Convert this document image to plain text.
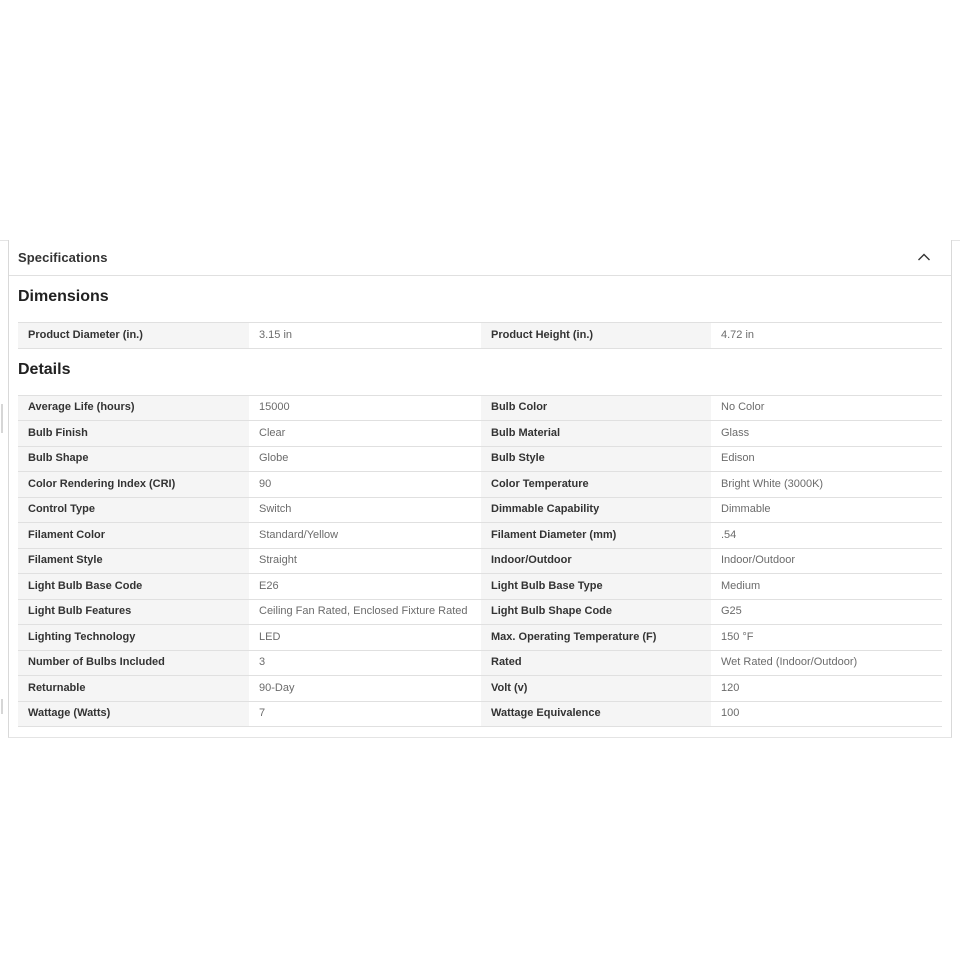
Specifications
Dimensions
Product Diameter (in.)	3.15 in	Product Height (in.)	4.72 in
Details
Average Life (hours)	15000	Bulb Color	No Color
Bulb Finish	Clear	Bulb Material	Glass
Bulb Shape	Globe	Bulb Style	Edison
Color Rendering Index (CRI)	90	Color Temperature	Bright White (3000K)
Control Type	Switch	Dimmable Capability	Dimmable
Filament Color	Standard/Yellow	Filament Diameter (mm)	.54
Filament Style	Straight	Indoor/Outdoor	Indoor/Outdoor
Light Bulb Base Code	E26	Light Bulb Base Type	Medium
Light Bulb Features	Ceiling Fan Rated, Enclosed Fixture Rated	Light Bulb Shape Code	G25
Lighting Technology	LED	Max. Operating Temperature (F)	150 °F
Number of Bulbs Included	3	Rated	Wet Rated (Indoor/Outdoor)
Returnable	90-Day	Volt (v)	120
Wattage (Watts)	7	Wattage Equivalence	100
